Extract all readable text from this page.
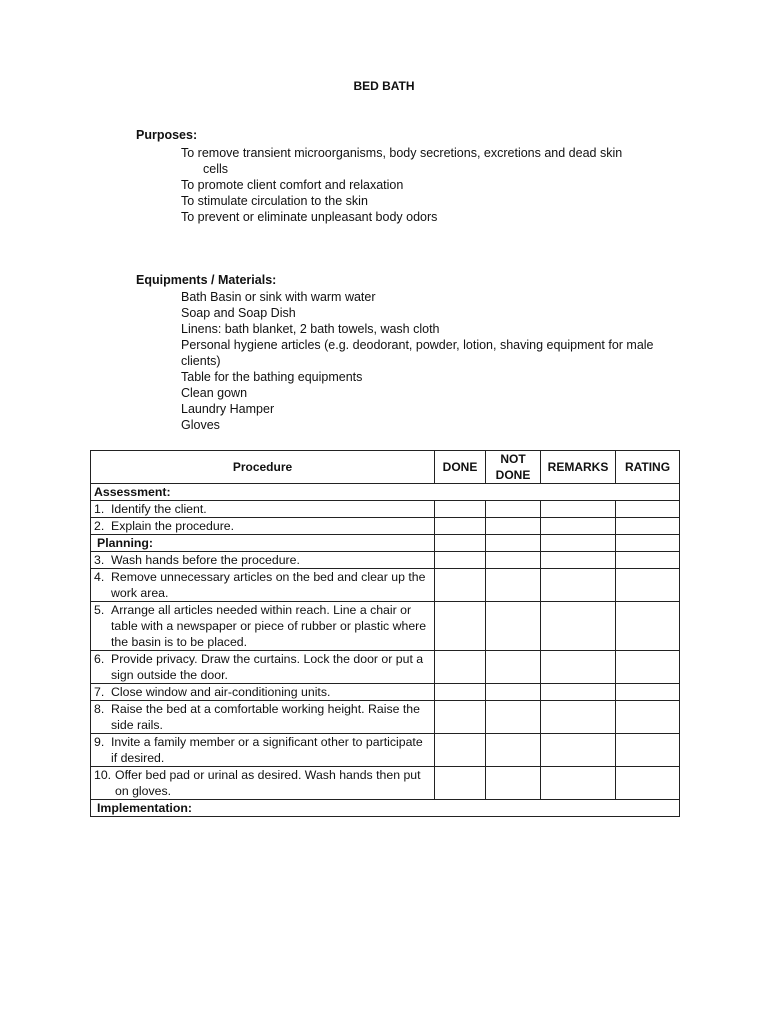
BED BATH
Purposes:
To remove transient microorganisms, body secretions, excretions and dead skin
cells
To promote client comfort and relaxation
To stimulate circulation to the skin
To prevent or eliminate unpleasant body odors
Equipments / Materials:
Bath Basin or sink with warm water
Soap and Soap Dish
Linens: bath blanket, 2 bath towels, wash cloth
Personal hygiene articles (e.g. deodorant, powder, lotion, shaving equipment for male clients)
Table for the bathing equipments
Clean gown
Laundry Hamper
Gloves
Procedure	DONE	NOT DONE	REMARKS	RATING
Assessment:				

1. Identify the client.				

2. Explain the procedure.				

Planning:				

3. Wash hands before the procedure.				

4. Remove unnecessary articles on the bed and clear up the work area.				

5. Arrange all articles needed within reach. Line a chair or table with a newspaper or piece of rubber or plastic where the basin is to be placed.				

6. Provide privacy. Draw the curtains. Lock the door or put a sign outside the door.				

7. Close window and air-conditioning units.				

8. Raise the bed at a comfortable working height. Raise the side rails.				

9. Invite a family member or a significant other to participate if desired.				

10. Offer bed pad or urinal as desired. Wash hands then put on gloves.				

Implementation:				
